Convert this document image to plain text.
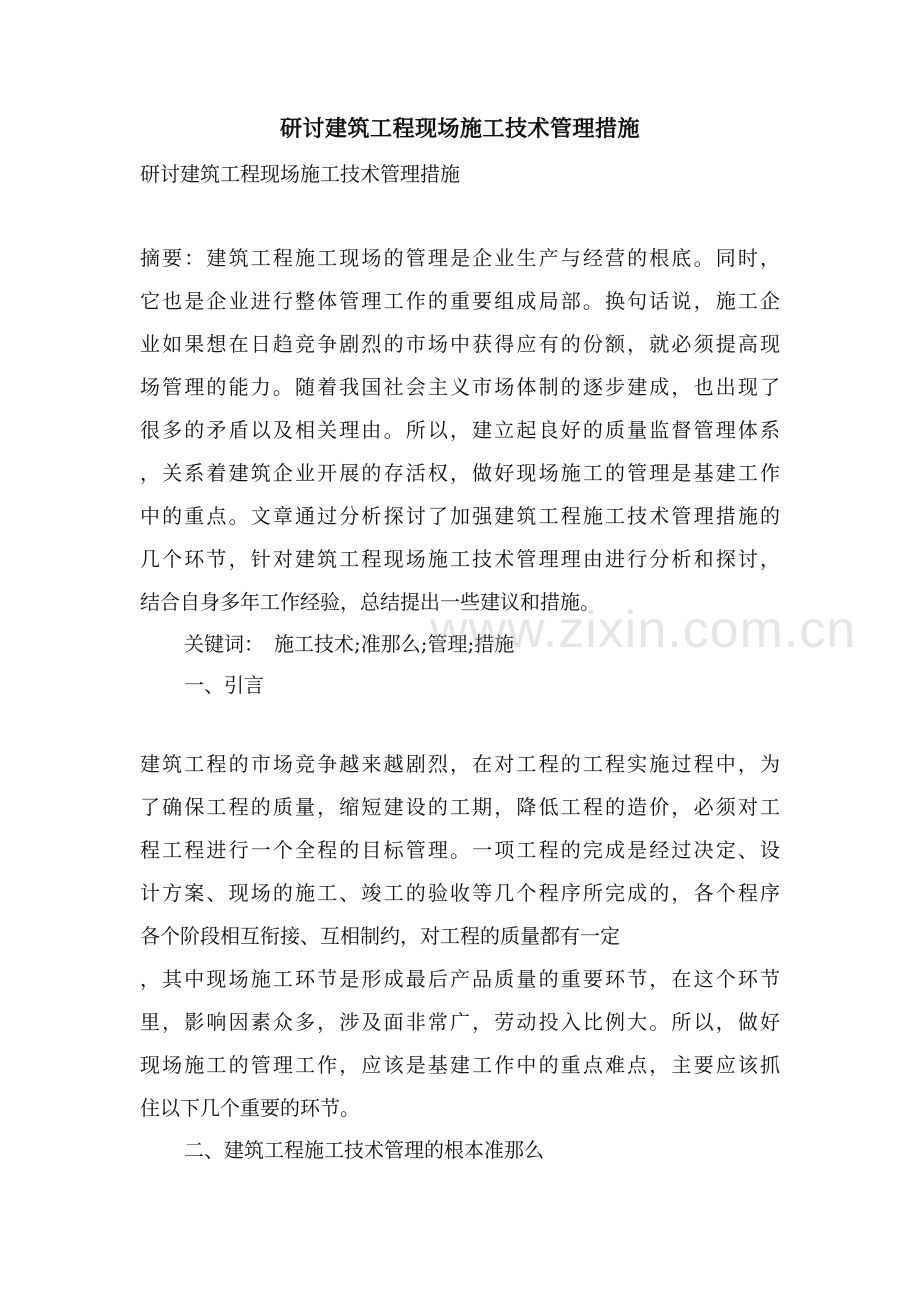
研讨建筑工程现场施工技术管理措施
研讨建筑工程现场施工技术管理措施
摘要：建筑工程施工现场的管理是企业生产与经营的根底。同时，
它也是企业进行整体管理工作的重要组成局部。换句话说，施工企
业如果想在日趋竞争剧烈的市场中获得应有的份额，就必须提高现
场管理的能力。随着我国社会主义市场体制的逐步建成，也出现了
很多的矛盾以及相关理由。所以，建立起良好的质量监督管理体系
，关系着建筑企业开展的存活权，做好现场施工的管理是基建工作
中的重点。文章通过分析探讨了加强建筑工程施工技术管理措施的
几个环节，针对建筑工程现场施工技术管理理由进行分析和探讨，
结合自身多年工作经验，总结提出一些建议和措施。
关键词：　施工技术;准那么;管理;措施
一、引言
建筑工程的市场竞争越来越剧烈，在对工程的工程实施过程中，为
了确保工程的质量，缩短建设的工期，降低工程的造价，必须对工
程工程进行一个全程的目标管理。一项工程的完成是经过决定、设
计方案、现场的施工、竣工的验收等几个程序所完成的，各个程序
各个阶段相互衔接、互相制约，对工程的质量都有一定
，其中现场施工环节是形成最后产品质量的重要环节，在这个环节
里，影响因素众多，涉及面非常广，劳动投入比例大。所以，做好
现场施工的管理工作，应该是基建工作中的重点难点，主要应该抓
住以下几个重要的环节。
二、建筑工程施工技术管理的根本准那么
www.zixin.com.cn
